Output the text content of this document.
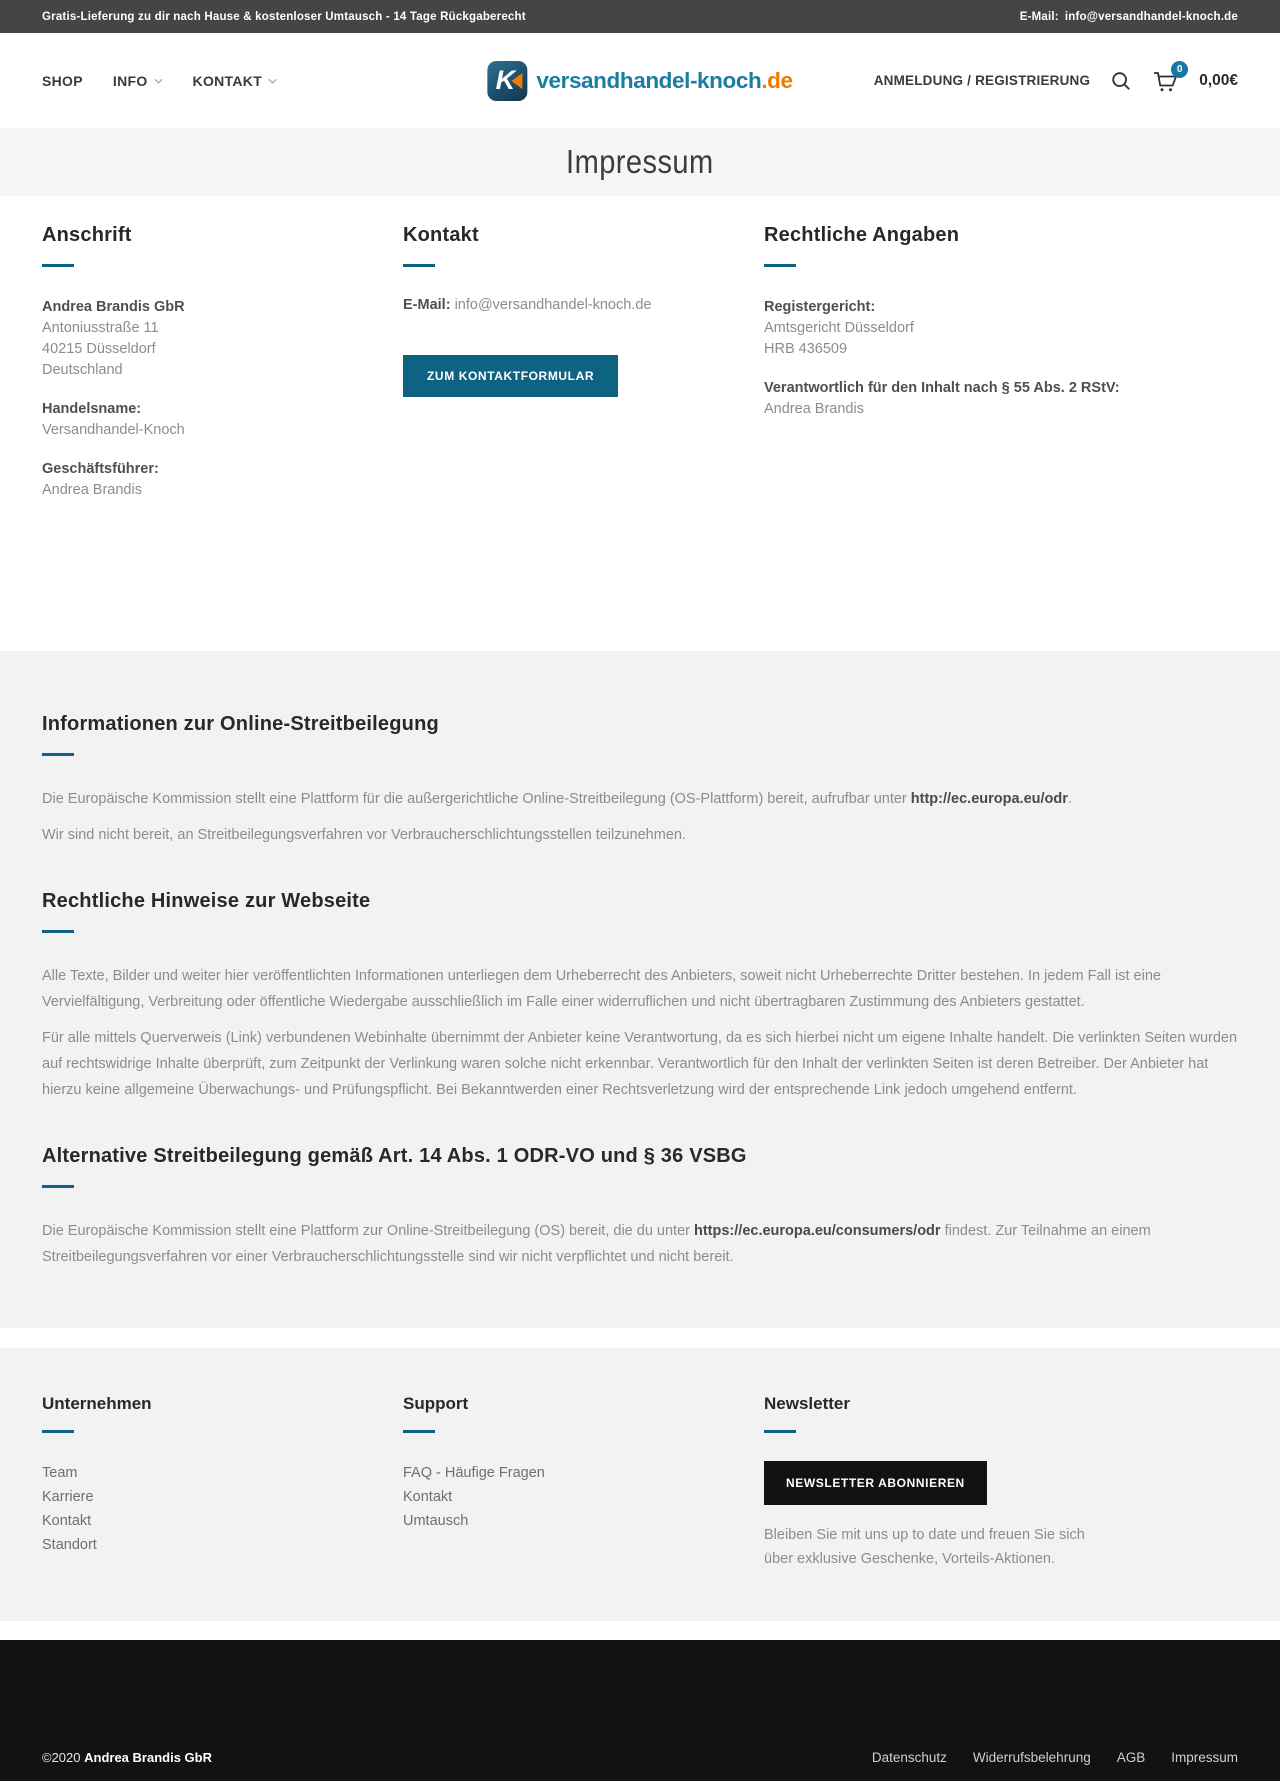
Gratis-Lieferung zu dir nach Hause & kostenloser Umtausch - 14 Tage Rückgaberecht	E-Mail: info@versandhandel-knoch.de
SHOP INFO	KONTAKT	K versandhandel-knoch.de	ANMELDUNG / REGISTRIERUNG
0
0,00€
Impressum
Anschrift
Andrea Brandis GbR
Antoniusstraße 11
40215 Düsseldorf
Deutschland
Handelsname:
Versandhandel-Knoch
Geschäftsführer:
Andrea Brandis
Kontakt
E-Mail: info@versandhandel-knoch.de
ZUM KONTAKTFORMULAR
Rechtliche Angaben
Registergericht:
Amtsgericht Düsseldorf
HRB 436509
Verantwortlich für den Inhalt nach § 55 Abs. 2 RStV:
Andrea Brandis
Informationen zur Online-Streitbeilegung

Die Europäische Kommission stellt eine Plattform für die außergerichtliche Online-Streitbeilegung (OS-Plattform) bereit, aufrufbar unter http://ec.europa.eu/odr.

Wir sind nicht bereit, an Streitbeilegungsverfahren vor Verbraucherschlichtungsstellen teilzunehmen.

Rechtliche Hinweise zur Webseite

Alle Texte, Bilder und weiter hier veröffentlichten Informationen unterliegen dem Urheberrecht des Anbieters, soweit nicht Urheberrechte Dritter bestehen. In jedem Fall ist eine Vervielfältigung, Verbreitung oder öffentliche Wiedergabe ausschließlich im Falle einer widerruflichen und nicht übertragbaren Zustimmung des Anbieters gestattet.

Für alle mittels Querverweis (Link) verbundenen Webinhalte übernimmt der Anbieter keine Verantwortung, da es sich hierbei nicht um eigene Inhalte handelt. Die verlinkten Seiten wurden auf rechtswidrige Inhalte überprüft, zum Zeitpunkt der Verlinkung waren solche nicht erkennbar. Verantwortlich für den Inhalt der verlinkten Seiten ist deren Betreiber. Der Anbieter hat hierzu keine allgemeine Überwachungs- und Prüfungspflicht. Bei Bekanntwerden einer Rechtsverletzung wird der entsprechende Link jedoch umgehend entfernt.

Alternative Streitbeilegung gemäß Art. 14 Abs. 1 ODR-VO und § 36 VSBG

Die Europäische Kommission stellt eine Plattform zur Online-Streitbeilegung (OS) bereit, die du unter https://ec.europa.eu/consumers/odr findest. Zur Teilnahme an einem Streitbeilegungsverfahren vor einer Verbraucherschlichtungsstelle sind wir nicht verpflichtet und nicht bereit.

Unternehmen
Team
Karriere
Kontakt
Standort
Support
FAQ - Häufige Fragen
Kontakt
Umtausch
Newsletter
NEWSLETTER ABONNIEREN

Bleiben Sie mit uns up to date und freuen Sie sich über exklusive Geschenke, Vorteils-Aktionen.

©2020 Andrea Brandis GbR	Datenschutz Widerrufsbelehrung AGB Impressum
